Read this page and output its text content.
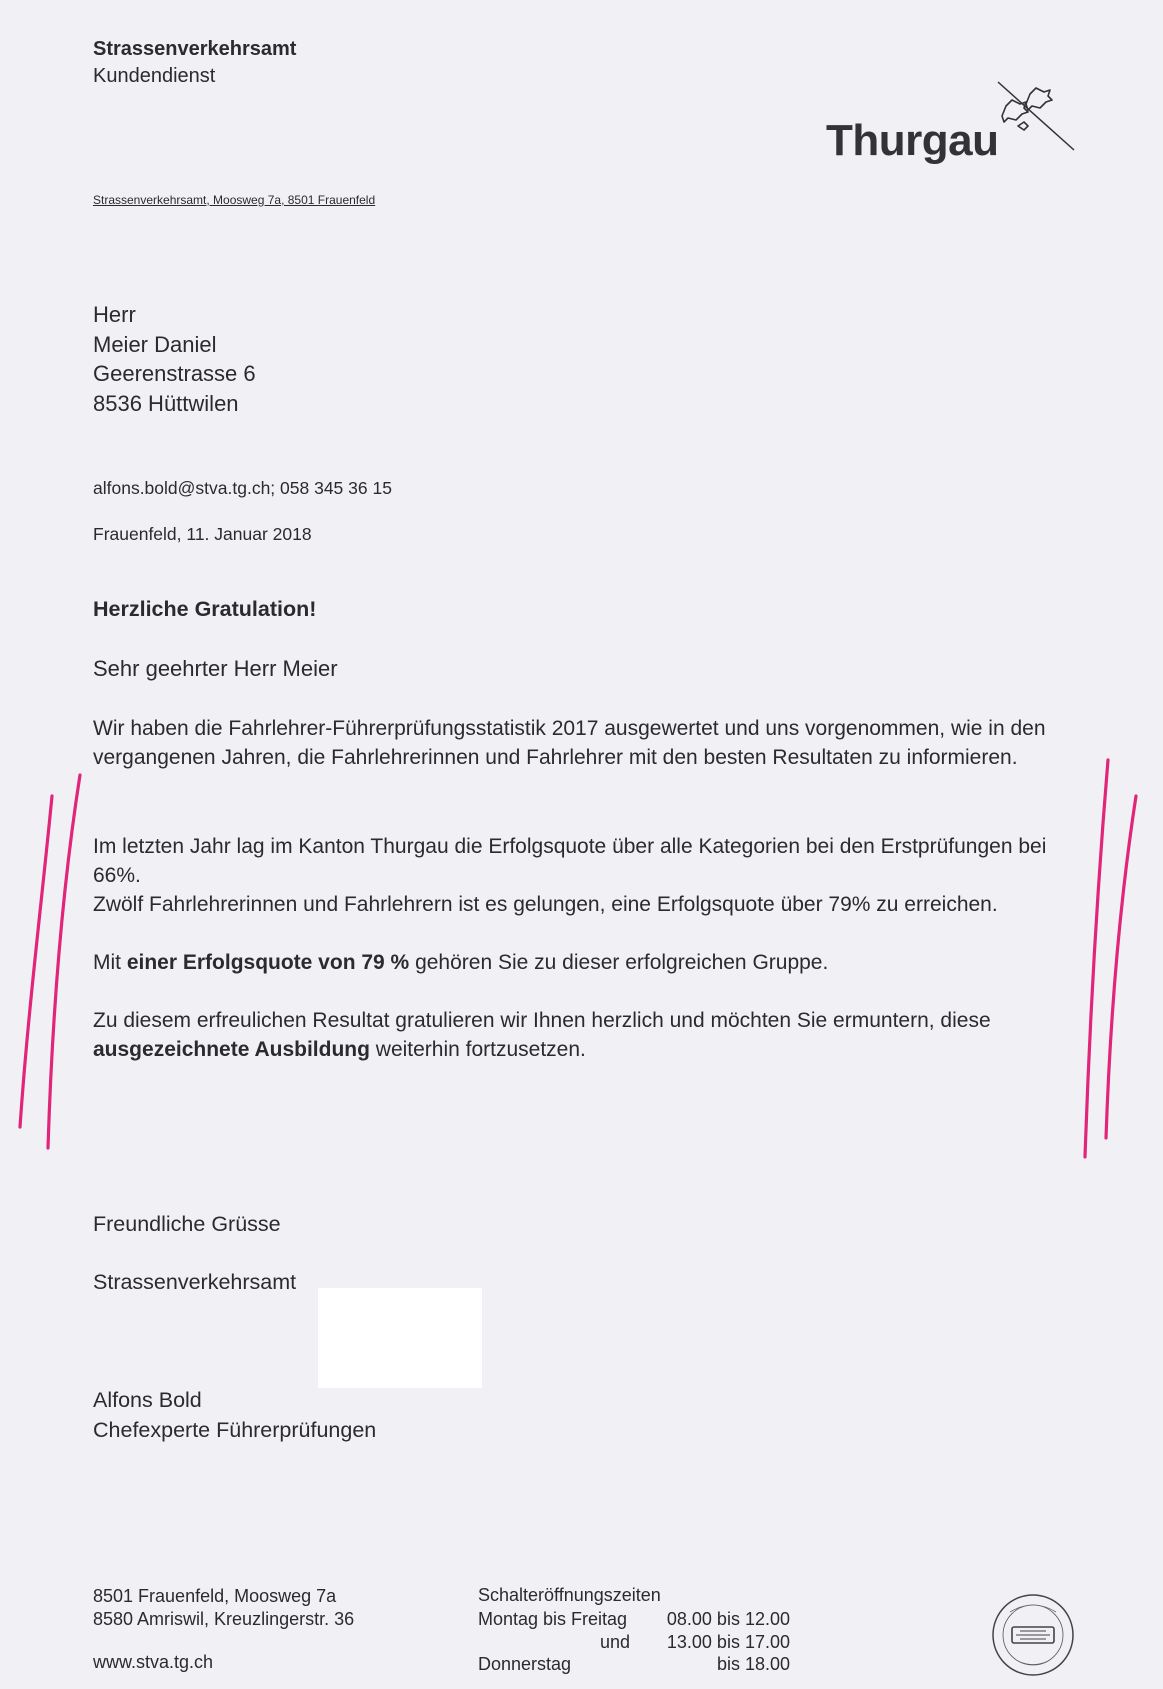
Strassenverkehrsamt
Kundendienst
Thurgau
Strassenverkehrsamt, Moosweg 7a, 8501 Frauenfeld
Herr
Meier Daniel
Geerenstrasse 6
8536 Hüttwilen
alfons.bold@stva.tg.ch; 058 345 36 15
Frauenfeld, 11. Januar 2018
Herzliche Gratulation!
Sehr geehrter Herr Meier
Wir haben die Fahrlehrer-Führerprüfungsstatistik 2017 ausgewertet und uns vorgenommen, wie in den vergangenen Jahren, die Fahrlehrerinnen und Fahrlehrer mit den besten Resultaten zu informieren.
Im letzten Jahr lag im Kanton Thurgau die Erfolgsquote über alle Kategorien bei den Erstprüfungen bei 66%.
Zwölf Fahrlehrerinnen und Fahrlehrern ist es gelungen, eine Erfolgsquote über 79% zu erreichen.
Mit einer Erfolgsquote von 79 % gehören Sie zu dieser erfolgreichen Gruppe.
Zu diesem erfreulichen Resultat gratulieren wir Ihnen herzlich und möchten Sie ermuntern, diese ausgezeichnete Ausbildung weiterhin fortzusetzen.
Freundliche Grüsse
Strassenverkehrsamt
Alfons Bold
Chefexperte Führerprüfungen
8501 Frauenfeld, Moosweg 7a
8580 Amriswil, Kreuzlingerstr. 36
www.stva.tg.ch
Schalteröffnungszeiten
Montag bis Freitag 08.00 bis 12.00
und 13.00 bis 17.00
Donnerstag	bis 18.00
